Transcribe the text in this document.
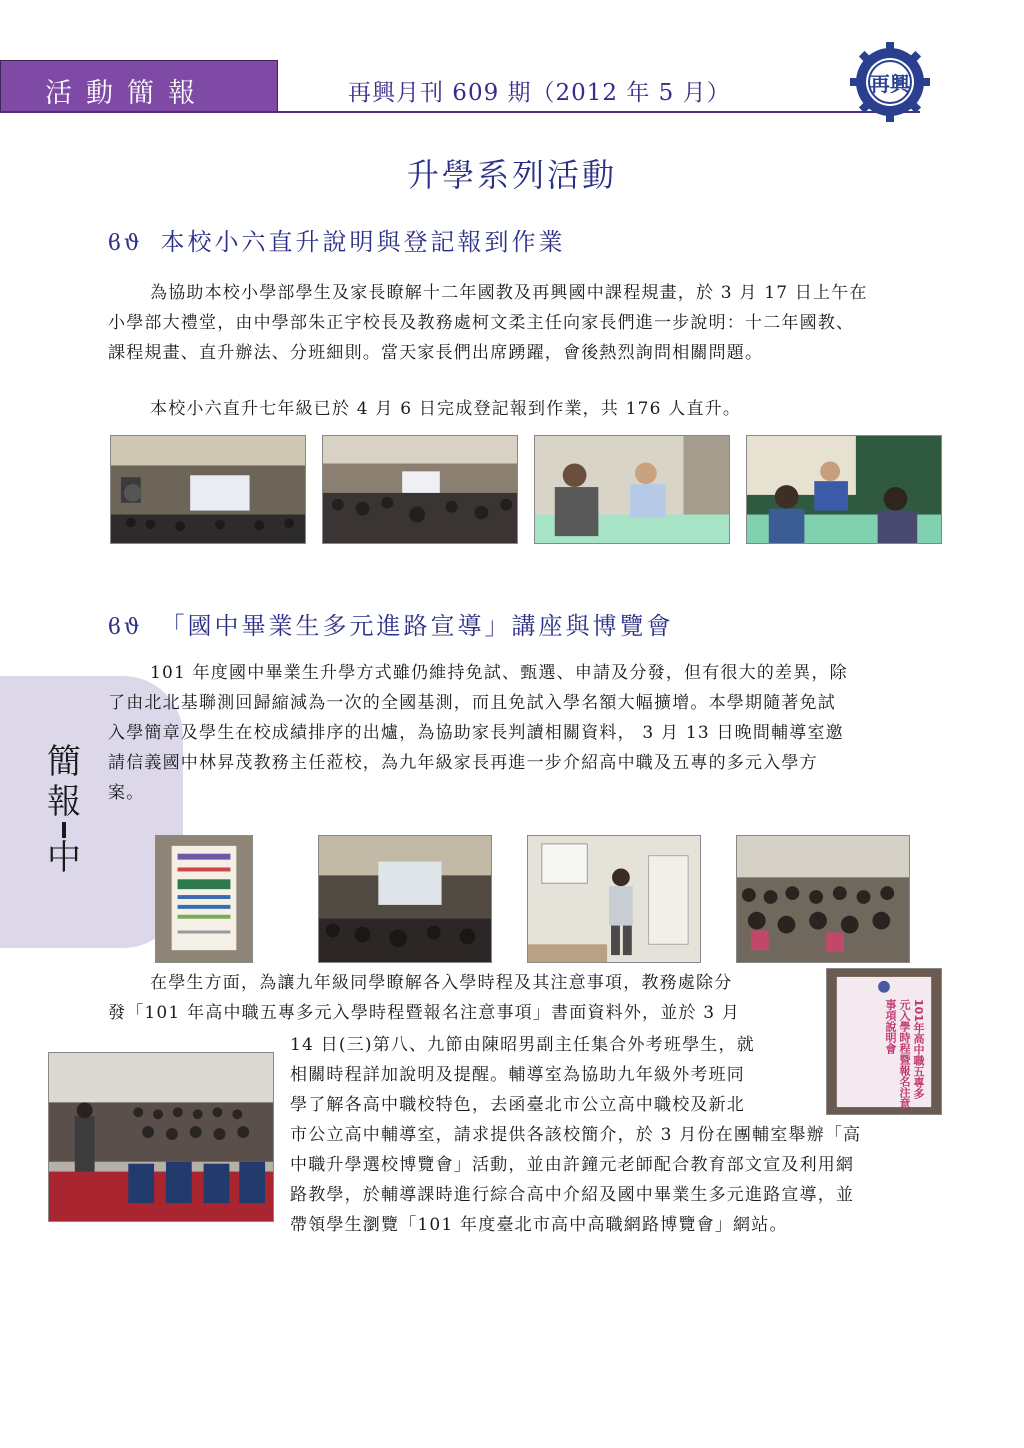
活動簡報	再興月刊 609 期（2012 年 5 月）	再興
升學系列活動
ϐϑ 本校小六直升說明與登記報到作業
為協助本校小學部學生及家長瞭解十二年國教及再興國中課程規畫，於 3 月 17 日上午在
小學部大禮堂，由中學部朱正宇校長及教務處柯文柔主任向家長們進一步說明：十二年國教、
課程規畫、直升辦法、分班細則。當天家長們出席踴躍，會後熱烈詢問相關問題。
本校小六直升七年級已於 4 月 6 日完成登記報到作業，共 176 人直升。
簡
報
中
ϐϑ 「國中畢業生多元進路宣導」講座與博覽會
101 年度國中畢業生升學方式雖仍維持免試、甄選、申請及分發，但有很大的差異，除
了由北北基聯測回歸縮減為一次的全國基測，而且免試入學名額大幅擴增。本學期隨著免試
入學簡章及學生在校成績排序的出爐，為協助家長判讀相關資料， 3 月 13 日晚間輔導室邀
請信義國中林昇茂教務主任蒞校，為九年級家長再進一步介紹高中職及五專的多元入學方
案。
在學生方面，為讓九年級同學瞭解各入學時程及其注意事項，教務處除分
發「101 年高中職五專多元入學時程暨報名注意事項」書面資料外，並於 3 月
14 日(三)第八、九節由陳昭男副主任集合外考班學生，就
相關時程詳加說明及提醒。輔導室為協助九年級外考班同
學了解各高中職校特色，去函臺北市公立高中職校及新北
市公立高中輔導室，請求提供各該校簡介，於 3 月份在團輔室舉辦「高
中職升學選校博覽會」活動，並由許鐘元老師配合教育部文宣及利用網
路教學，於輔導課時進行綜合高中介紹及國中畢業生多元進路宣導，並
帶領學生瀏覽「101 年度臺北市高中高職網路博覽會」網站。
101年高中職五專多元入學時程暨報名注意事項說明會
